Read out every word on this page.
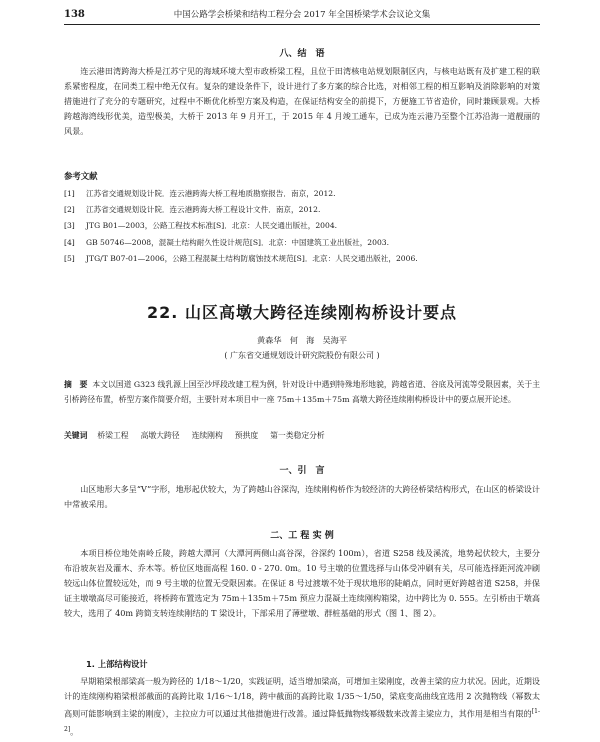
138	中国公路学会桥梁和结构工程分会 2017 年全国桥梁学术会议论文集
八、结　语
连云港田湾跨海大桥是江苏宁见的海域环境大型市政桥梁工程，且位于田湾核电站规划限制区内，与核电站既有及扩建工程的联系紧密程度，在同类工程中绝无仅有。复杂的建设条件下，设计进行了多方案的综合比选，对相邻工程的相互影响及消除影响的对策措施进行了充分的专题研究，过程中不断优化桥型方案及构造，在保证结构安全的前提下，方便施工节省造价，同时兼顾景观。大桥跨越海湾线形优美，造型极美，大桥于 2013 年 9 月开工，于 2015 年 4 月竣工通车，已成为连云港乃至整个江苏沿海一道靓丽的风景。
参考文献
[1] 江苏省交通规划设计院．连云港跨海大桥工程地质勘察报告．南京，2012.
[2] 江苏省交通规划设计院．连云港跨海大桥工程设计文件．南京，2012.
[3] JTG B01—2003，公路工程技术标准[S]．北京：人民交通出版社，2004.
[4] GB 50746—2008，混凝土结构耐久性设计规范[S]．北京：中国建筑工业出版社，2003.
[5] JTG/T B07-01—2006，公路工程混凝土结构防腐蚀技术规范[S]．北京：人民交通出版社，2006.
22. 山区高墩大跨径连续刚构桥设计要点
黄森华　何　海　吴海平
( 广东省交通规划设计研究院股份有限公司 )
摘　要 本文以国道 G323 线乳源上国至沙坪段改建工程为例，针对设计中遇到特殊地形地貌，跨越省道、谷底及河流等受限因素，关于主引桥跨径布置，桥型方案作简要介绍，主要针对本项目中一座 75m＋135m＋75m 高墩大跨径连续刚构桥设计中的要点展开论述。
关键词 桥梁工程 高墩大跨径 连续刚构 预拱度 第一类稳定分析
一、引　言
山区地形大多呈“V”字形，地形起伏较大，为了跨越山谷深沟，连续刚构桥作为较经济的大跨径桥梁结构形式，在山区的桥梁设计中常被采用。
二、工 程 实 例
本项目桥位地处南岭丘陵，跨越大潭河（大潭河两侧山高谷深，谷深约 100m），省道 S258 线及溪流，地势起伏较大，主要分布沿坡灰岩及灌木、乔木等。桥位区地面高程 160. 0 - 270. 0m。10 号主墩的位置选择与山体受冲刷有关，尽可能选择距河流冲刷较远山体位置较远处，而 9 号主墩的位置无受限因素。在保证 8 号过渡墩不处于现状地形的陡峭点，同时更好跨越省道 S258，并保证主墩墩高尽可能接近，将桥跨布置选定为 75m＋135m＋75m 预应力混凝土连续刚构箱梁，边中跨比为 0. 555。左引桥由于墩高较大，选用了 40m 跨简支转连续刚结的 T 梁设计，下部采用了薄壁墩、群桩基础的形式（图 1、图 2）。
1. 上部结构设计
早期箱梁根部梁高一般为跨径的 1/18～1/20，实践证明，适当增加梁高，可增加主梁刚度，改善主梁的应力状况。因此，近期设计的连续刚构箱梁根部截面的高跨比取 1/16～1/18，跨中截面的高跨比取 1/35～1/50，梁底变高曲线宜选用 2 次抛物线（幂数太高则可能影响到主梁的刚度），主拉应力可以通过其他措施进行改善。通过降低抛物线幂级数来改善主梁应力，其作用是相当有限的[1-2]。
